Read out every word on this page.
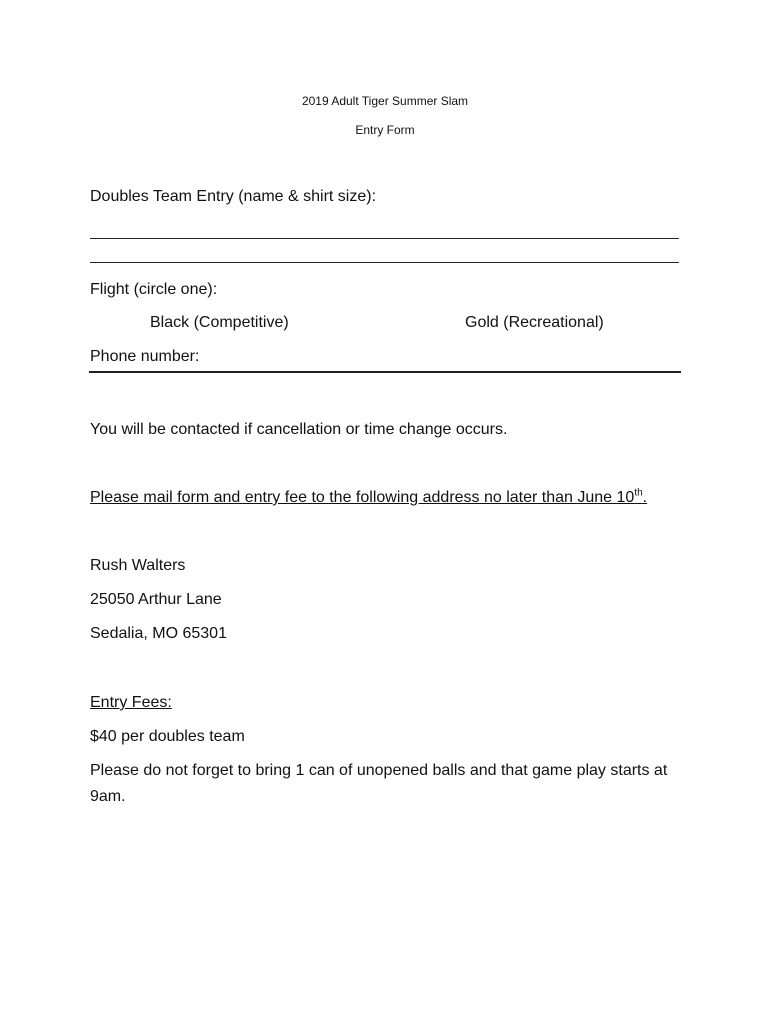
2019 Adult Tiger Summer Slam
Entry Form
Doubles Team Entry (name & shirt size):
Flight (circle one):
Black (Competitive)	Gold (Recreational)
Phone number:
You will be contacted if cancellation or time change occurs.
Please mail form and entry fee to the following address no later than June 10th.
Rush Walters
25050 Arthur Lane
Sedalia, MO 65301
Entry Fees:
$40 per doubles team
Please do not forget to bring 1 can of unopened balls and that game play starts at
9am.
